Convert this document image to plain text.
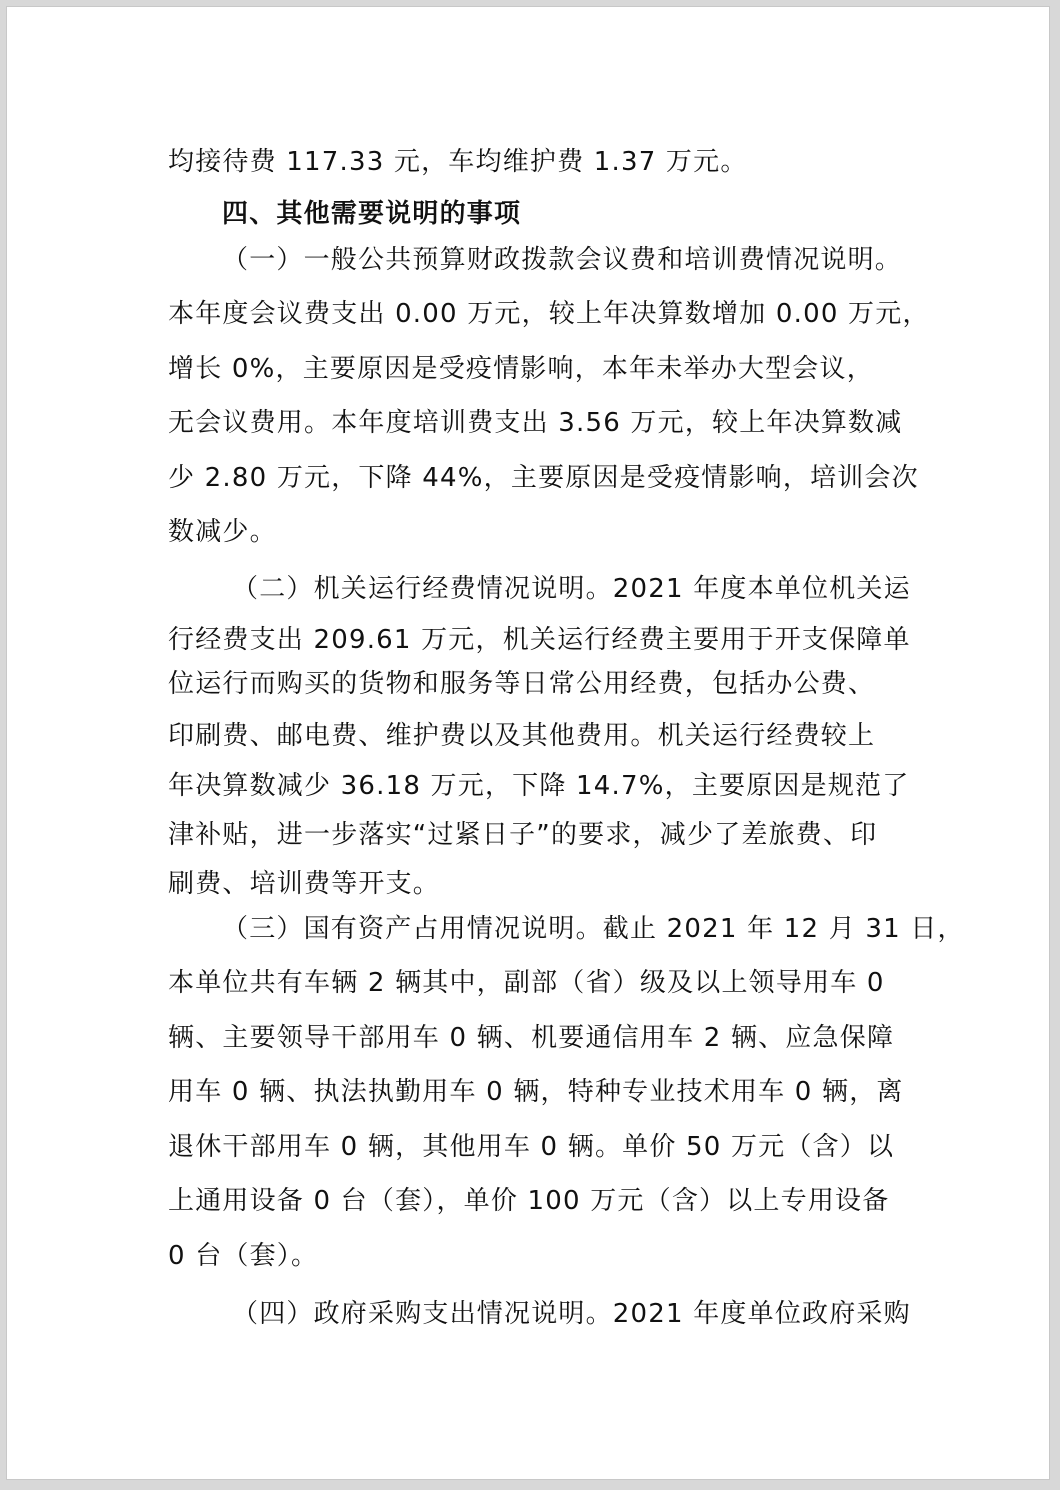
均接待费 117.33 元，车均维护费 1.37 万元。

四、其他需要说明的事项

（一）一般公共预算财政拨款会议费和培训费情况说明。

本年度会议费支出 0.00 万元，较上年决算数增加 0.00 万元，

增长 0%，主要原因是受疫情影响，本年未举办大型会议，

无会议费用。本年度培训费支出 3.56 万元，较上年决算数减

少 2.80 万元，下降 44%，主要原因是受疫情影响，培训会次

数减少。

（二）机关运行经费情况说明。2021 年度本单位机关运

行经费支出 209.61 万元，机关运行经费主要用于开支保障单

位运行而购买的货物和服务等日常公用经费，包括办公费、

印刷费、邮电费、维护费以及其他费用。机关运行经费较上

年决算数减少 36.18 万元，下降 14.7%，主要原因是规范了

津补贴，进一步落实“过紧日子”的要求，减少了差旅费、印

刷费、培训费等开支。

（三）国有资产占用情况说明。截止 2021 年 12 月 31 日，

本单位共有车辆 2 辆其中，副部（省）级及以上领导用车 0

辆、主要领导干部用车 0 辆、机要通信用车 2 辆、应急保障

用车 0 辆、执法执勤用车 0 辆，特种专业技术用车 0 辆，离

退休干部用车 0 辆，其他用车 0 辆。单价 50 万元（含）以

上通用设备 0 台（套），单价 100 万元（含）以上专用设备

0 台（套）。

（四）政府采购支出情况说明。2021 年度单位政府采购
